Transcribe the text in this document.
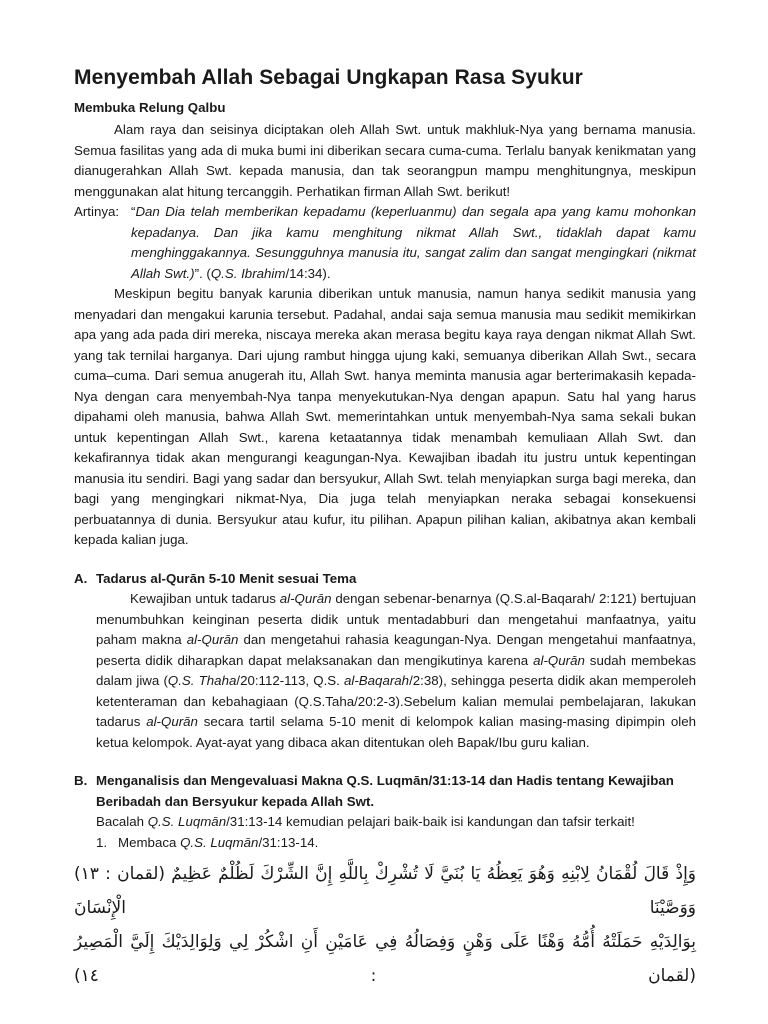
Menyembah Allah Sebagai Ungkapan Rasa Syukur
Membuka Relung Qalbu

Alam raya dan seisinya diciptakan oleh Allah Swt. untuk makhluk-Nya yang bernama manusia. Semua fasilitas yang ada di muka bumi ini diberikan secara cuma-cuma. Terlalu banyak kenikmatan yang dianugerahkan Allah Swt. kepada manusia, dan tak seorangpun mampu menghitungnya, meskipun menggunakan alat hitung tercanggih. Perhatikan firman Allah Swt. berikut!

Artinya: “Dan Dia telah memberikan kepadamu (keperluanmu) dan segala apa yang kamu mohonkan kepadanya. Dan jika kamu menghitung nikmat Allah Swt., tidaklah dapat kamu menghinggakannya. Sesungguhnya manusia itu, sangat zalim dan sangat mengingkari (nikmat Allah Swt.)”. (Q.S. Ibrahim/14:34).

Meskipun begitu banyak karunia diberikan untuk manusia, namun hanya sedikit manusia yang menyadari dan mengakui karunia tersebut. Padahal, andai saja semua manusia mau sedikit memikirkan apa yang ada pada diri mereka, niscaya mereka akan merasa begitu kaya raya dengan nikmat Allah Swt. yang tak ternilai harganya. Dari ujung rambut hingga ujung kaki, semuanya diberikan Allah Swt., secara cuma–cuma. Dari semua anugerah itu, Allah Swt. hanya meminta manusia agar berterimakasih kepada-Nya dengan cara menyembah-Nya tanpa menyekutukan-Nya dengan apapun. Satu hal yang harus dipahami oleh manusia, bahwa Allah Swt. memerintahkan untuk menyembah-Nya sama sekali bukan untuk kepentingan Allah Swt., karena ketaatannya tidak menambah kemuliaan Allah Swt. dan kekafirannya tidak akan mengurangi keagungan-Nya. Kewajiban ibadah itu justru untuk kepentingan manusia itu sendiri. Bagi yang sadar dan bersyukur, Allah Swt. telah menyiapkan surga bagi mereka, dan bagi yang mengingkari nikmat-Nya, Dia juga telah menyiapkan neraka sebagai konsekuensi perbuatannya di dunia. Bersyukur atau kufur, itu pilihan. Apapun pilihan kalian, akibatnya akan kembali kepada kalian juga.

A. Tadarus al-Qurān 5-10 Menit sesuai Tema

Kewajiban untuk tadarus al-Qurān dengan sebenar-benarnya (Q.S.al-Baqarah/ 2:121) bertujuan menumbuhkan keinginan peserta didik untuk mentadabburi dan mengetahui manfaatnya, yaitu paham makna al-Qurān dan mengetahui rahasia keagungan-Nya. Dengan mengetahui manfaatnya, peserta didik diharapkan dapat melaksanakan dan mengikutinya karena al-Qurān sudah membekas dalam jiwa (Q.S. Thaha/20:112-113, Q.S. al-Baqarah/2:38), sehingga peserta didik akan memperoleh ketenteraman dan kebahagiaan (Q.S.Taha/20:2-3).Sebelum kalian memulai pembelajaran, lakukan tadarus al-Qurān secara tartil selama 5-10 menit di kelompok kalian masing-masing dipimpin oleh ketua kelompok. Ayat-ayat yang dibaca akan ditentukan oleh Bapak/Ibu guru kalian.

B. Menganalisis dan Mengevaluasi Makna Q.S. Luqmān/31:13-14 dan Hadis tentang Kewajiban Beribadah dan Bersyukur kepada Allah Swt.

Bacalah Q.S. Luqmān/31:13-14 kemudian pelajari baik-baik isi kandungan dan tafsir terkait!

1. Membaca Q.S. Luqmān/31:13-14.
وَإِذْ قَالَ لُقْمَانُ لِابْنِهِ وَهُوَ يَعِظُهُ يَا بُنَيَّ لَا تُشْرِكْ بِاللَّهِ إِنَّ الشِّرْكَ لَظُلْمٌ عَظِيمٌ (لقمان : ١٣) وَوَصَّيْنَا الْإِنْسَانَ
بِوَالِدَيْهِ حَمَلَتْهُ أُمُّهُ وَهْنًا عَلَى وَهْنٍ وَفِصَالُهُ فِي عَامَيْنِ أَنِ اشْكُرْ لِي وَلِوَالِدَيْكَ إِلَيَّ الْمَصِيرُ (لقمان : ١٤)
